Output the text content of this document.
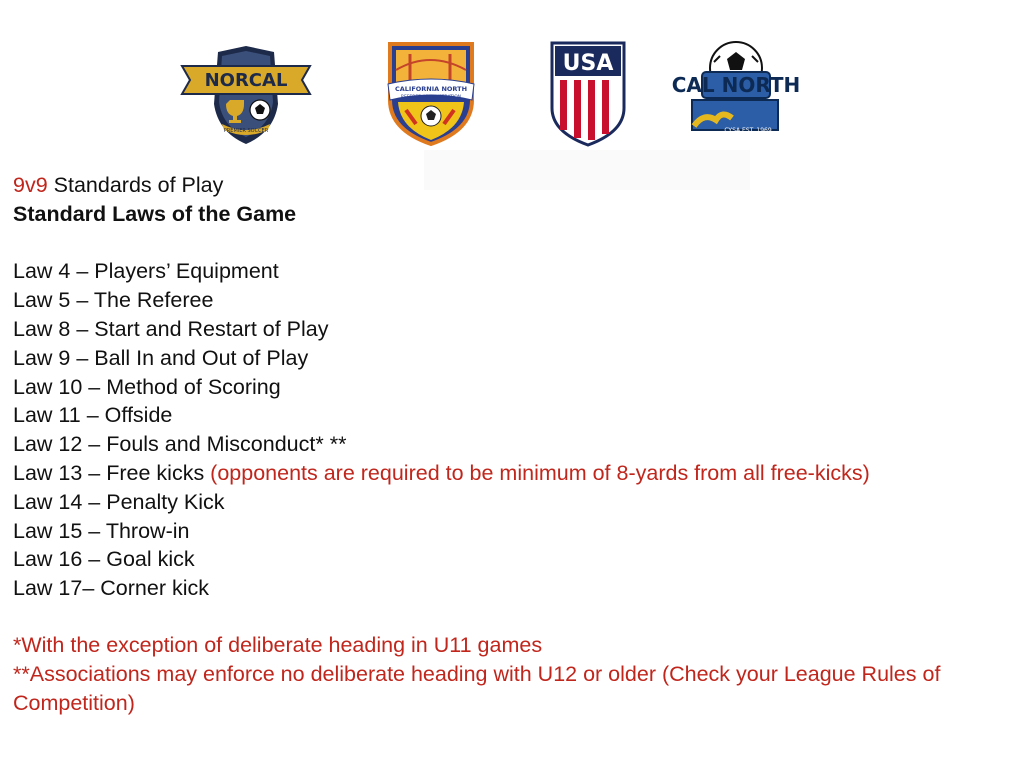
NORCAL
PREMIER SOCCER
CALIFORNIA NORTH
REFEREE ADMINISTRATION
USA
CAL NORTH
CYSA EST. 1969
9v9 Standards of Play
Standard Laws of the Game
Law 4 – Players’ Equipment
Law 5 – The Referee
Law 8 – Start and Restart of Play
Law 9 – Ball In and Out of Play
Law 10 – Method of Scoring
Law 11 – Offside
Law 12 – Fouls and Misconduct* **
Law 13 – Free kicks (opponents are required to be minimum of 8-yards from all free-kicks)
Law 14 – Penalty Kick
Law 15 – Throw-in
Law 16 – Goal kick
Law 17– Corner kick
*With the exception of deliberate heading in U11 games
**Associations may enforce no deliberate heading with U12 or older (Check your League Rules of Competition)
